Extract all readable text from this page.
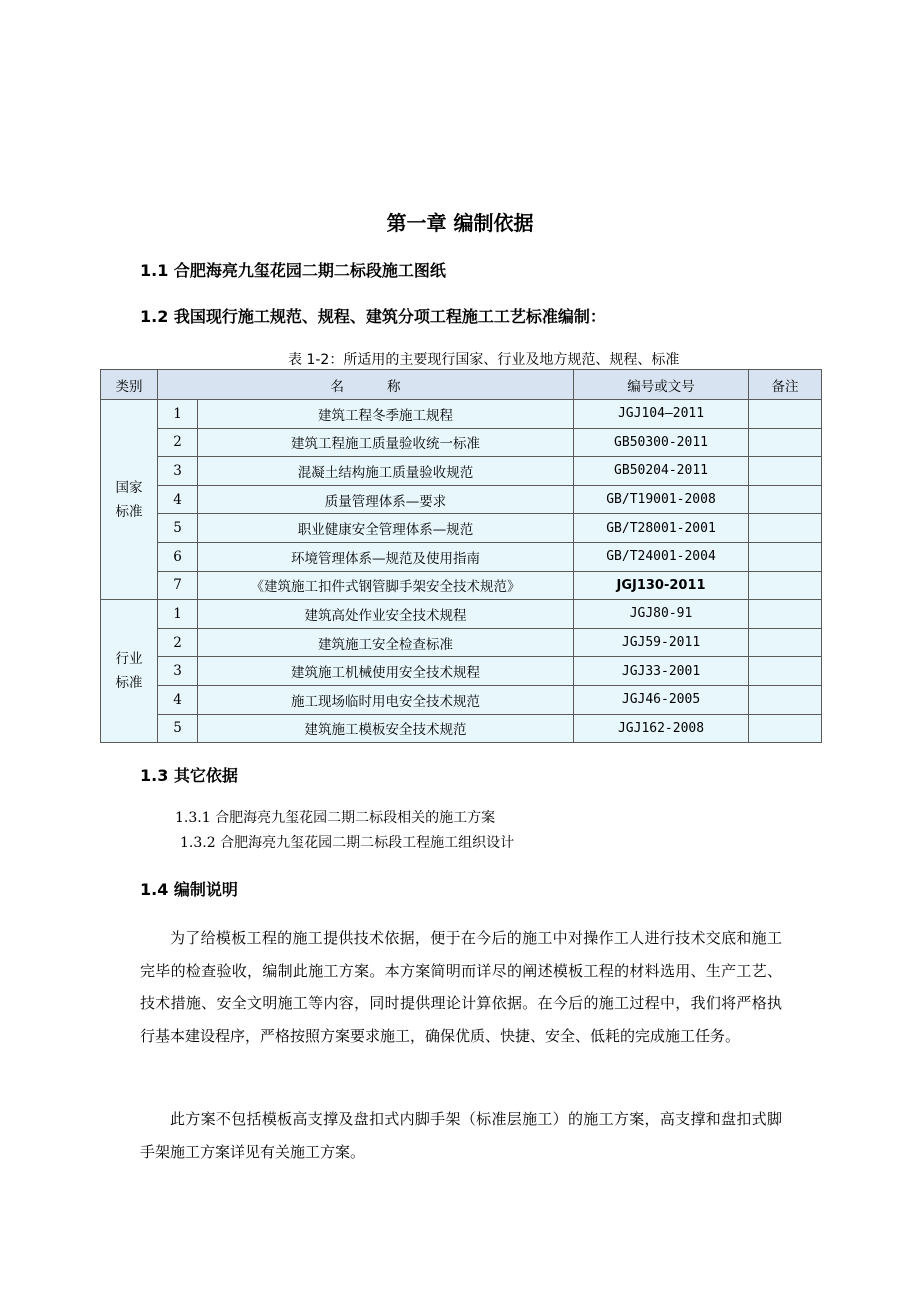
第一章 编制依据
1.1 合肥海亮九玺花园二期二标段施工图纸
1.2 我国现行施工规范、规程、建筑分项工程施工工艺标准编制：
表 1-2：所适用的主要现行国家、行业及地方规范、规程、标准
类别	名          称		编号或文号	备注
国家
标准	1	建筑工程冬季施工规程	JGJ104—2011	
	2	建筑工程施工质量验收统一标准	GB50300-2011	
	3	混凝土结构施工质量验收规范	GB50204-2011	
	4	质量管理体系—要求	GB/T19001-2008	
	5	职业健康安全管理体系—规范	GB/T28001-2001	
	6	环境管理体系—规范及使用指南	GB/T24001-2004	
	7	《建筑施工扣件式钢管脚手架安全技术规范》	JGJ130-2011	
行业
标准	1	建筑高处作业安全技术规程	JGJ80-91	
	2	建筑施工安全检查标准	JGJ59-2011	
	3	建筑施工机械使用安全技术规程	JGJ33-2001	
	4	施工现场临时用电安全技术规范	JGJ46-2005	
	5	建筑施工模板安全技术规范	JGJ162-2008	
1.3 其它依据
1.3.1 合肥海亮九玺花园二期二标段相关的施工方案
1.3.2 合肥海亮九玺花园二期二标段工程施工组织设计
1.4 编制说明

为了给模板工程的施工提供技术依据，便于在今后的施工中对操作工人进行技术交底和施工完毕的检查验收，编制此施工方案。本方案简明而详尽的阐述模板工程的材料选用、生产工艺、技术措施、安全文明施工等内容，同时提供理论计算依据。在今后的施工过程中，我们将严格执行基本建设程序，严格按照方案要求施工，确保优质、快捷、安全、低耗的完成施工任务。

此方案不包括模板高支撑及盘扣式内脚手架（标准层施工）的施工方案，高支撑和盘扣式脚手架施工方案详见有关施工方案。
